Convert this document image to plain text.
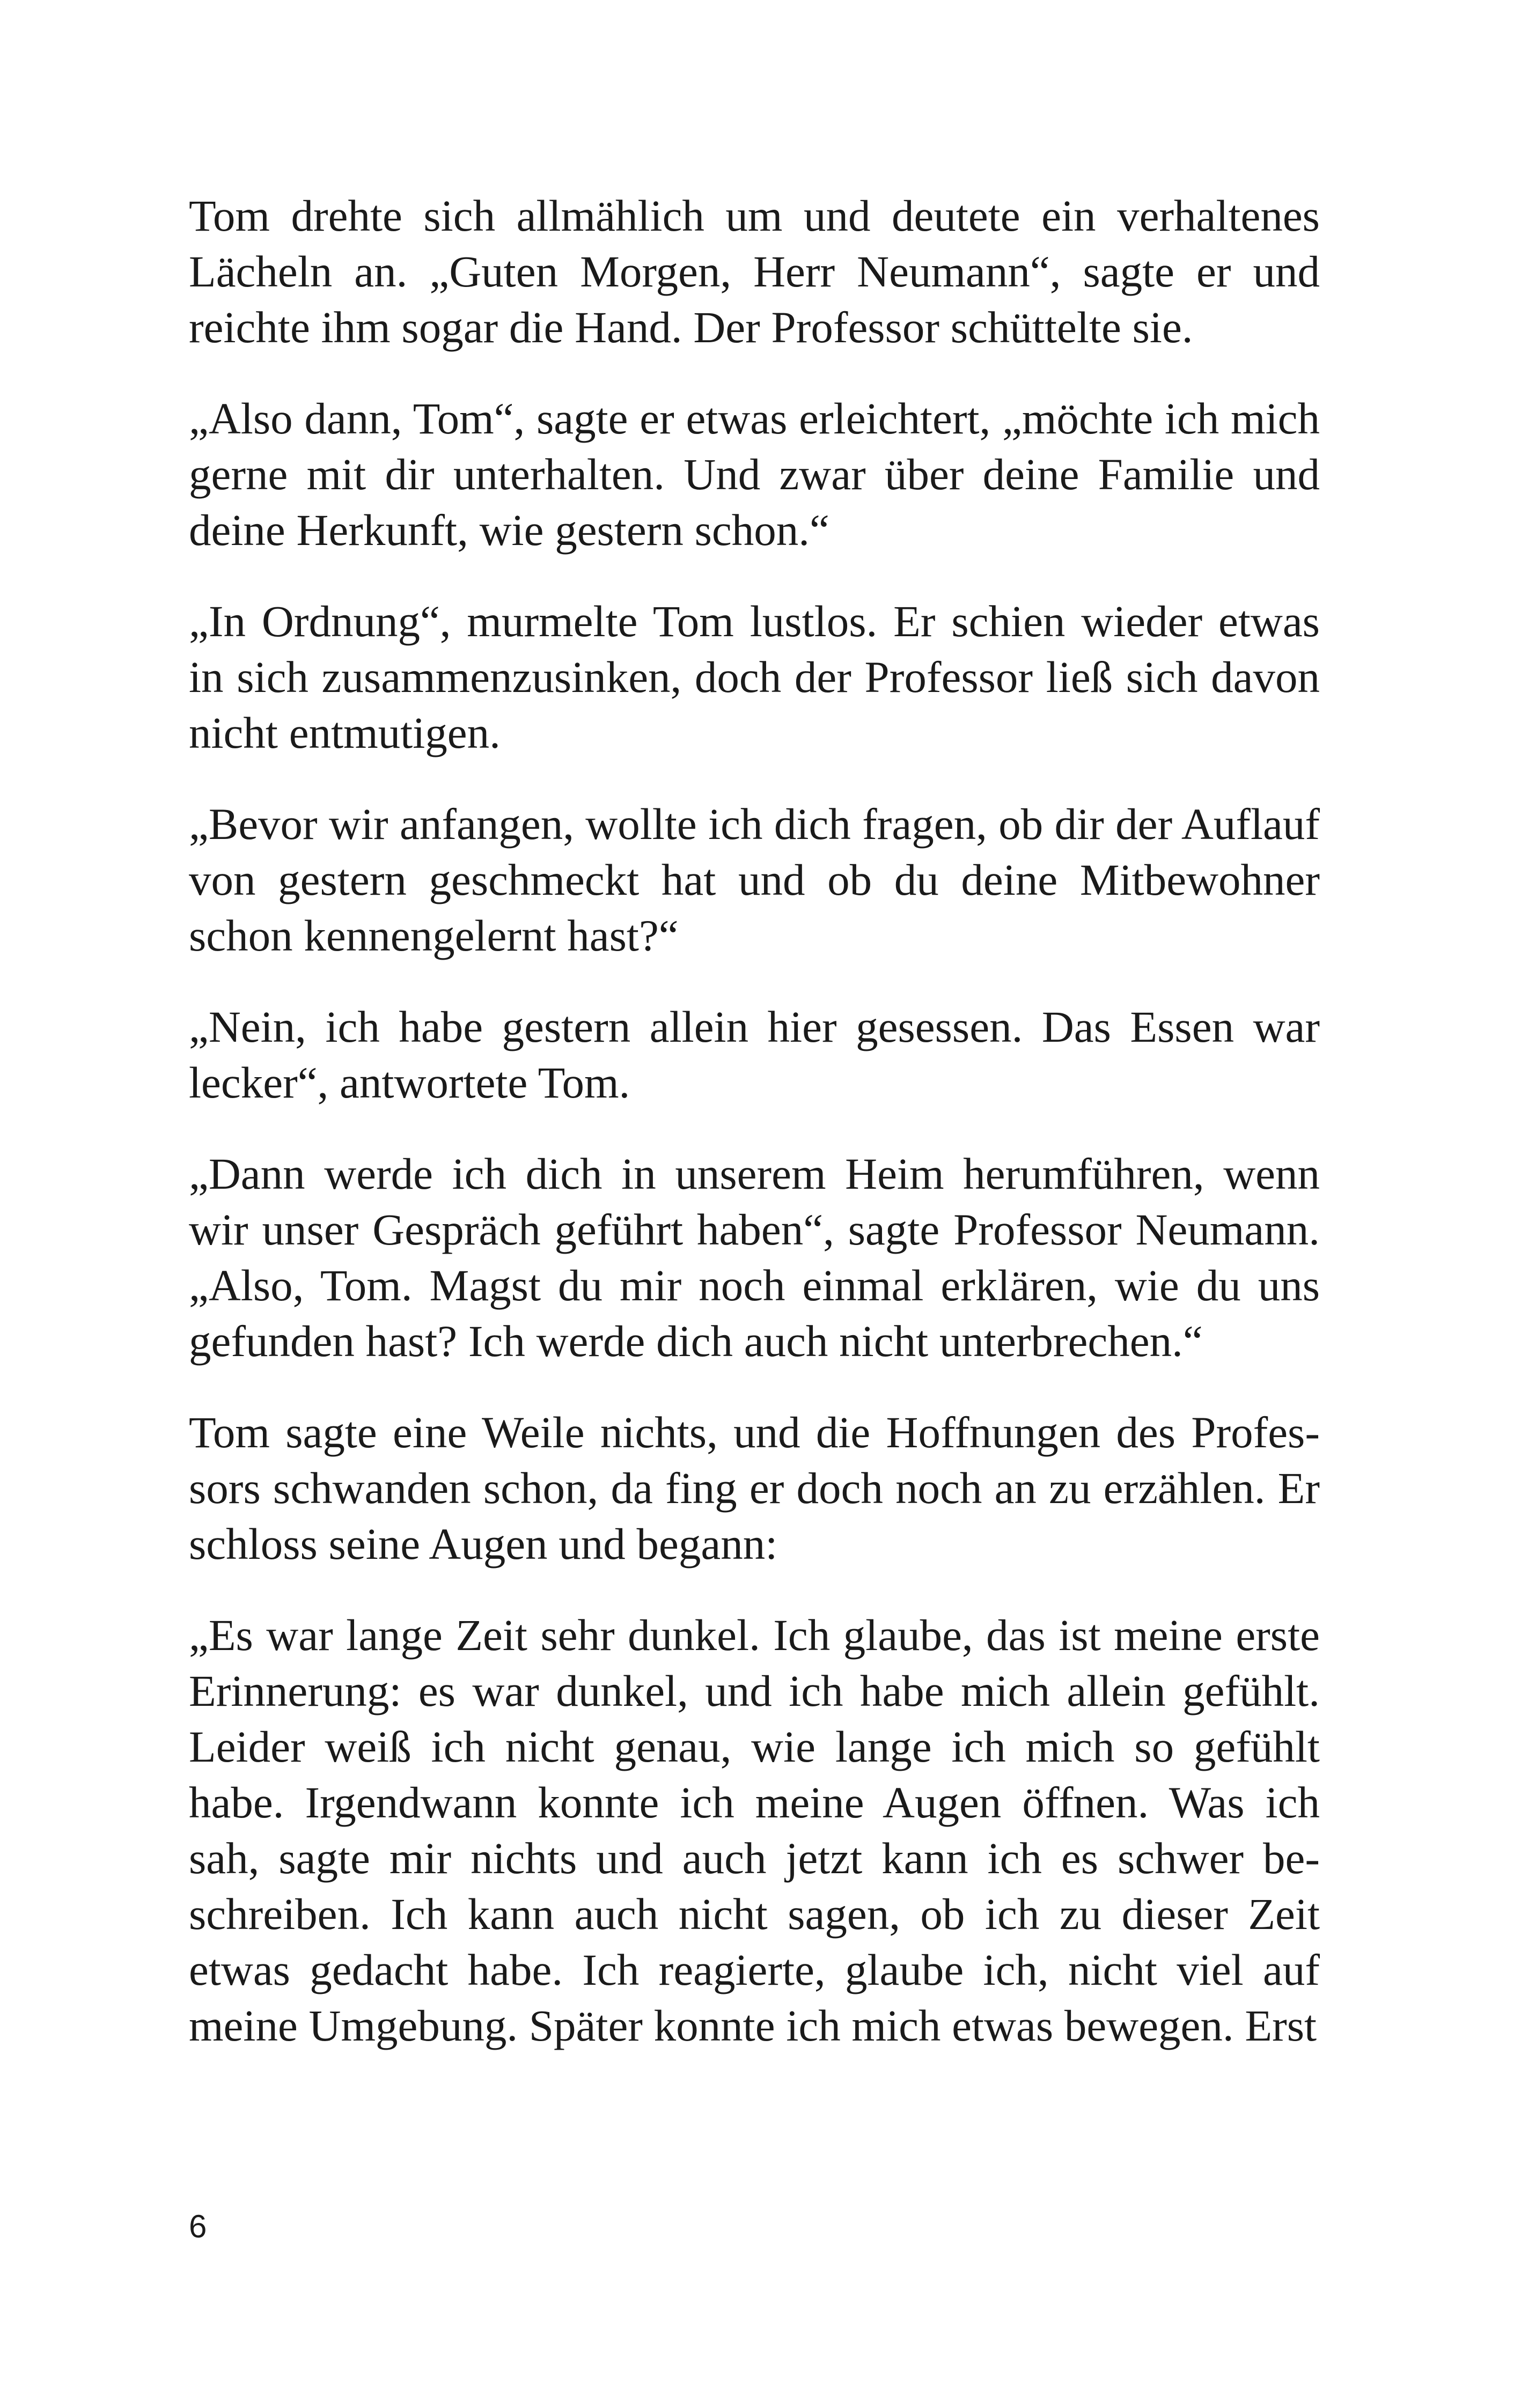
Tom drehte sich allmählich um und deutete ein verhaltenes Lächeln an. „Guten Morgen, Herr Neumann“, sagte er und reichte ihm sogar die Hand. Der Professor schüttelte sie.

„Also dann, Tom“, sagte er etwas erleichtert, „möchte ich mich gerne mit dir unterhalten. Und zwar über deine Familie und deine Herkunft, wie gestern schon.“

„In Ordnung“, murmelte Tom lustlos. Er schien wieder etwas in sich zusammenzusinken, doch der Professor ließ sich davon nicht entmutigen.

„Bevor wir anfangen, wollte ich dich fragen, ob dir der Auflauf von gestern geschmeckt hat und ob du deine Mitbewohner schon kennengelernt hast?“

„Nein, ich habe gestern allein hier gesessen. Das Essen war lecker“, antwortete Tom.

„Dann werde ich dich in unserem Heim herumführen, wenn wir unser Gespräch geführt haben“, sagte Professor Neumann. „Also, Tom. Magst du mir noch einmal erklären, wie du uns gefunden hast? Ich werde dich auch nicht unterbrechen.“

Tom sagte eine Weile nichts, und die Hoffnungen des Professors schwanden schon, da fing er doch noch an zu erzählen. Er schloss seine Augen und begann:

„Es war lange Zeit sehr dunkel. Ich glaube, das ist meine erste Erinnerung: es war dunkel, und ich habe mich allein gefühlt. Leider weiß ich nicht genau, wie lange ich mich so gefühlt habe. Irgendwann konnte ich meine Augen öffnen. Was ich sah, sagte mir nichts und auch jetzt kann ich es schwer beschreiben. Ich kann auch nicht sagen, ob ich zu dieser Zeit etwas gedacht habe. Ich reagierte, glaube ich, nicht viel auf meine Umgebung. Später konnte ich mich etwas bewegen. Erst

6
